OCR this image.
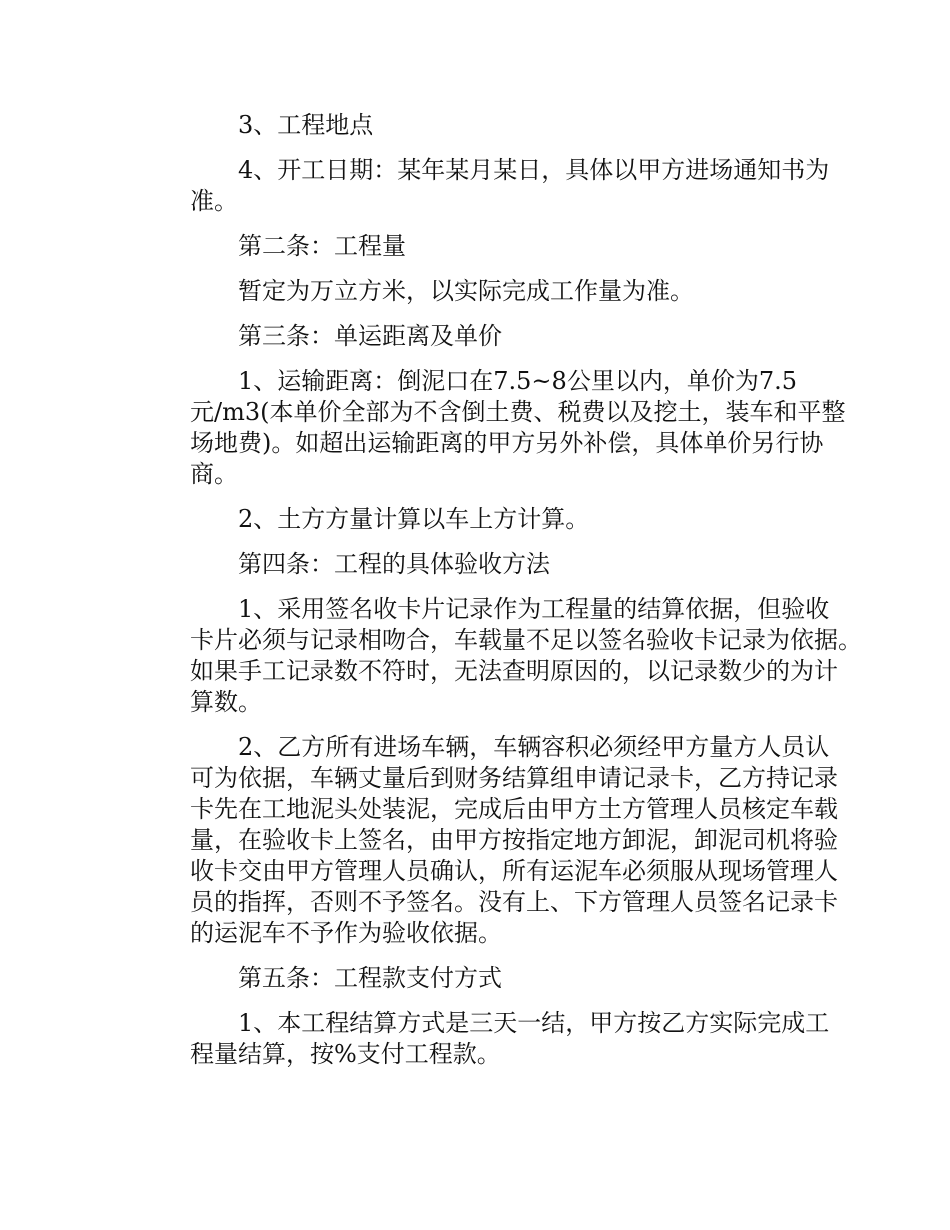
3、工程地点
4、开工日期：某年某月某日，具体以甲方进场通知书为
准。
第二条：工程量
暂定为万立方米，以实际完成工作量为准。
第三条：单运距离及单价
1、运输距离：倒泥口在7.5~8公里以内，单价为7.5
元/m3(本单价全部为不含倒土费、税费以及挖土，装车和平整
场地费)。如超出运输距离的甲方另外补偿，具体单价另行协
商。
2、土方方量计算以车上方计算。
第四条：工程的具体验收方法
1、采用签名收卡片记录作为工程量的结算依据，但验收
卡片必须与记录相吻合，车载量不足以签名验收卡记录为依据。
如果手工记录数不符时，无法查明原因的，以记录数少的为计
算数。
2、乙方所有进场车辆，车辆容积必须经甲方量方人员认
可为依据，车辆丈量后到财务结算组申请记录卡，乙方持记录
卡先在工地泥头处装泥，完成后由甲方土方管理人员核定车载
量，在验收卡上签名，由甲方按指定地方卸泥，卸泥司机将验
收卡交由甲方管理人员确认，所有运泥车必须服从现场管理人
员的指挥，否则不予签名。没有上、下方管理人员签名记录卡
的运泥车不予作为验收依据。
第五条：工程款支付方式
1、本工程结算方式是三天一结，甲方按乙方实际完成工
程量结算，按%支付工程款。
